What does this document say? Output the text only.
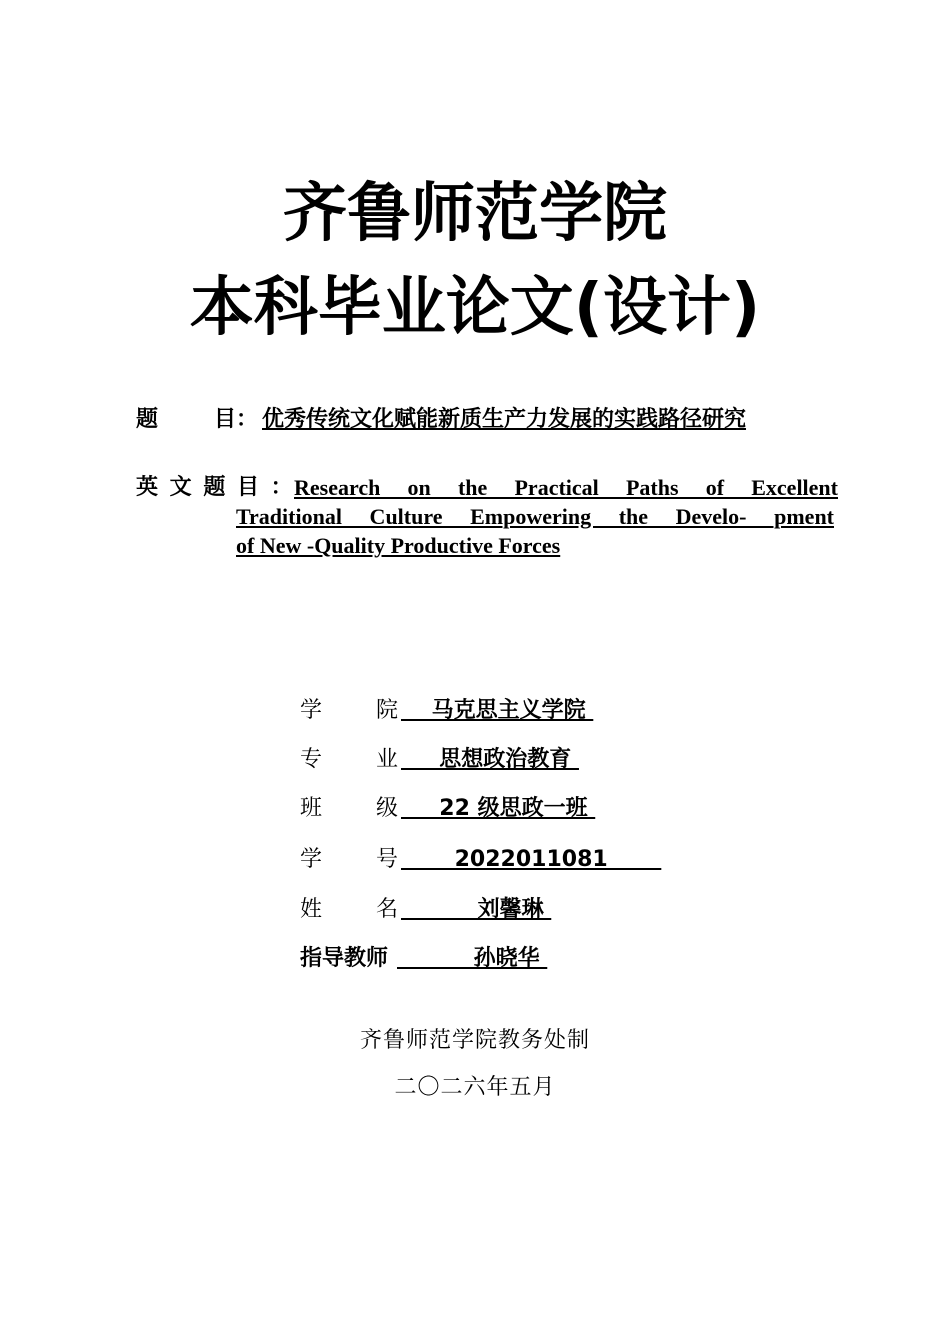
齐鲁师范学院
本科毕业论文(设计)
题	目： 优秀传统文化赋能新质生产力发展的实践路径研究
英 文 题 目 ： Research on the Practical Paths of Excellent
Traditional Culture Empowering the Develo- pment
of New -Quality Productive Forces
学 院 马克思主义学院
专 业 思想政治教育
班 级 22 级思政一班
学 号 2022011081
姓 名 刘馨琳
指导教师 孙晓华
齐鲁师范学院教务处制
二〇二六年五月
